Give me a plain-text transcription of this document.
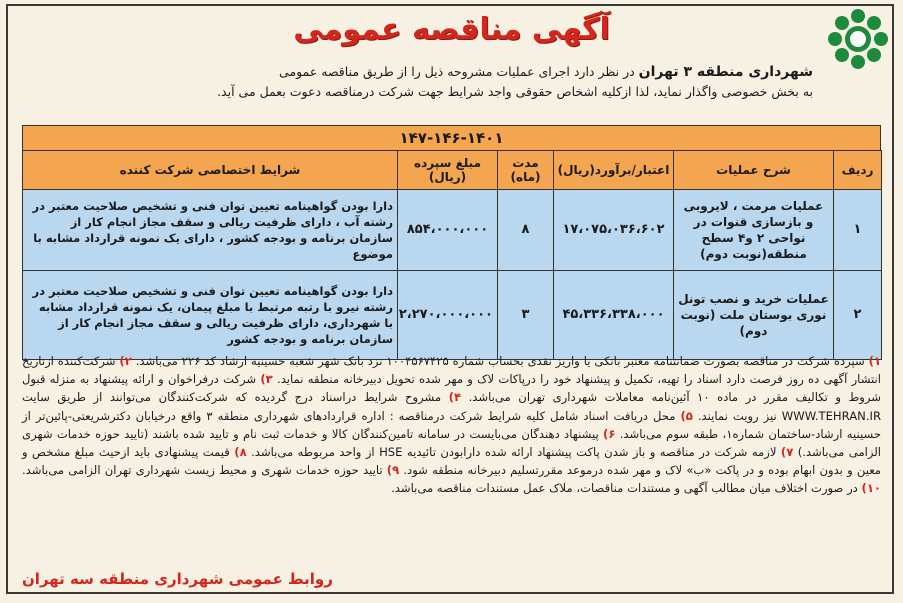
آگهی مناقصه عمومی
شهرداری منطقه ۳ تهران در نظر دارد اجرای عملیات مشروحه ذیل را از طریق مناقصه عمومی
به بخش خصوصی واگذار نماید، لذا ازکلیه اشخاص حقوقی واجد شرایط جهت شرکت درمناقصه دعوت بعمل می آید.
۱۴۷-۱۴۶-۱۴۰۱
ردیف	شرح عملیات	اعتبار/برآورد(ریال)	مدت (ماه)	مبلغ سپرده (ریال)	شرایط اختصاصی شرکت کننده
۱	عملیات مرمت ، لایروبی و بازسازی قنوات در نواحی ۲ و۴ سطح منطقه(نوبت دوم)	۱۷،۰۷۵،۰۳۶،۶۰۲	۸	۸۵۴،۰۰۰،۰۰۰	دارا بودن گواهینامه تعیین توان فنی و تشخیص صلاحیت معتبر در رشته آب ، دارای ظرفیت ریالی و سقف مجاز انجام کار از سازمان برنامه و بودجه کشور ، دارای یک نمونه قرارداد مشابه با موضوع
۲	عملیات خرید و نصب تونل نوری بوستان ملت (نوبت دوم)	۴۵،۳۳۶،۳۳۸،۰۰۰	۳	۲،۲۷۰،۰۰۰،۰۰۰	دارا بودن گواهینامه تعیین توان فنی و تشخیص صلاحیت معتبر در رشته نیرو با رتبه مرتبط با مبلغ پیمان، یک نمونه قرارداد مشابه با شهرداری، دارای ظرفیت ریالی و سقف مجاز انجام کار از سازمان برنامه و بودجه کشور

۱) سپرده شرکت در مناقصه بصورت ضمانتنامه معتبر بانکی یا واریز نقدی بحساب شماره ۱۰۰۴۵۶۷۴۲۵ نزد بانک شهر شعبه حسینیه ارشاد کد ۲۲۶ می‌باشد. ۲) شرکت‌کننده ازتاریخ انتشار آگهی ده روز فرصت دارد اسناد را تهیه، تکمیل و پیشنهاد خود را درپاکات لاک و مهر شده تحویل دبیرخانه منطقه نماید. ۳) شرکت درفراخوان و ارائه پیشنهاد به منزله قبول شروط و تکالیف مقرر در ماده ۱۰ آئین‌نامه معاملات شهرداری تهران می‌باشد. ۴) مشروح شرایط دراسناد درج گردیده که شرکت‌کنندگان می‌توانند از طریق سایت WWW.TEHRAN.IR نیز رویت نمایند. ۵) محل دریافت اسناد شامل کلیه شرایط شرکت درمناقصه : اداره قراردادهای شهرداری منطقه ۳ واقع درخیابان دکترشریعتی-پائین‌تر از حسینیه ارشاد-ساختمان شماره۱، طبقه سوم می‌باشد. ۶) پیشنهاد دهندگان می‌بایست در سامانه تامین‌کنندگان کالا و خدمات ثبت نام و تایید شده باشند (تایید حوزه خدمات شهری الزامی می‌باشد.) ۷) لازمه شرکت در مناقصه و باز شدن پاکت پیشنهاد ارائه شده دارابودن تائیدیه HSE از واحد مربوطه می‌باشد. ۸) قیمت پیشنهادی باید ازحیث مبلغ مشخص و معین و بدون ابهام بوده و در پاکت «ب» لاک و مهر شده درموعد مقررتسلیم دبیرخانه منطقه شود. ۹) تایید حوزه خدمات شهری و محیط زیست شهرداری تهران الزامی می‌باشد. ۱۰) در صورت اختلاف میان مطالب آگهی و مستندات مناقصات، ملاک عمل مستندات مناقصه می‌باشد.

روابط عمومی شهرداری منطقه سه تهران
